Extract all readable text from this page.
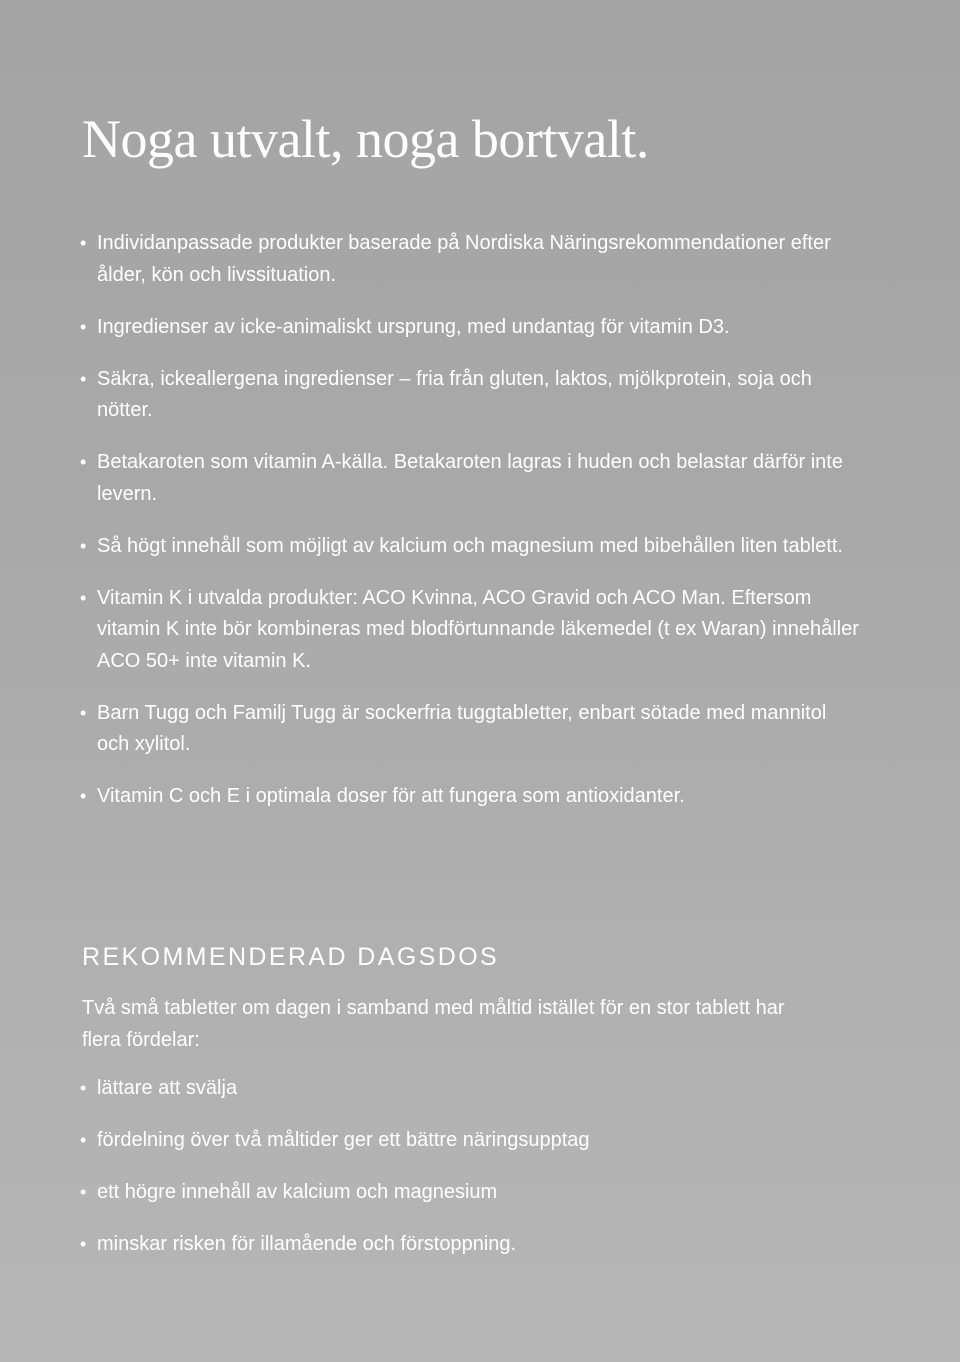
Noga utvalt, noga bortvalt.
• Individanpassade produkter baserade på Nordiska Näringsrekommendationer efter ålder, kön och livssituation.
• Ingredienser av icke-animaliskt ursprung, med undantag för vitamin D3.
• Säkra, ickeallergena ingredienser – fria från gluten, laktos, mjölkprotein, soja och nötter.
• Betakaroten som vitamin A-källa. Betakaroten lagras i huden och belastar därför inte levern.
• Så högt innehåll som möjligt av kalcium och magnesium med bibehållen liten tablett.
• Vitamin K i utvalda produkter: ACO Kvinna, ACO Gravid och ACO Man. Eftersom vitamin K inte bör kombineras med blodförtunnande läkemedel (t ex Waran) innehåller ACO 50+ inte vitamin K.
• Barn Tugg och Familj Tugg är sockerfria tuggtabletter, enbart sötade med mannitol och xylitol.
• Vitamin C och E i optimala doser för att fungera som antioxidanter.
REKOMMENDERAD DAGSDOS

Två små tabletter om dagen i samband med måltid istället för en stor tablett har flera fördelar:

• lättare att svälja
• fördelning över två måltider ger ett bättre näringsupptag
• ett högre innehåll av kalcium och magnesium
• minskar risken för illamående och förstoppning.
